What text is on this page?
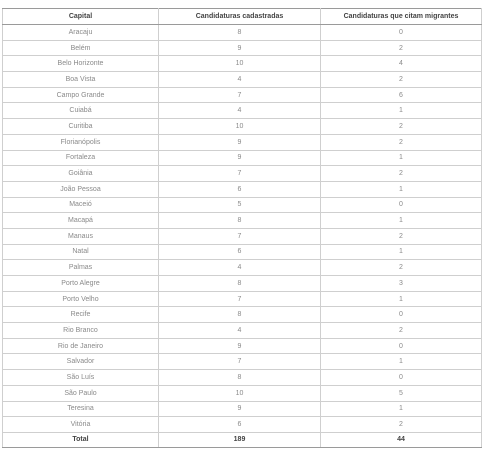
Capital	Candidaturas cadastradas	Candidaturas que citam migrantes
Aracaju	8	0
Belém	9	2
Belo Horizonte	10	4
Boa Vista	4	2
Campo Grande	7	6
Cuiabá	4	1
Curitiba	10	2
Florianópolis	9	2
Fortaleza	9	1
Goiânia	7	2
João Pessoa	6	1
Maceió	5	0
Macapá	8	1
Manaus	7	2
Natal	6	1
Palmas	4	2
Porto Alegre	8	3
Porto Velho	7	1
Recife	8	0
Rio Branco	4	2
Rio de Janeiro	9	0
Salvador	7	1
São Luís	8	0
São Paulo	10	5
Teresina	9	1
Vitória	6	2
Total	189	44
